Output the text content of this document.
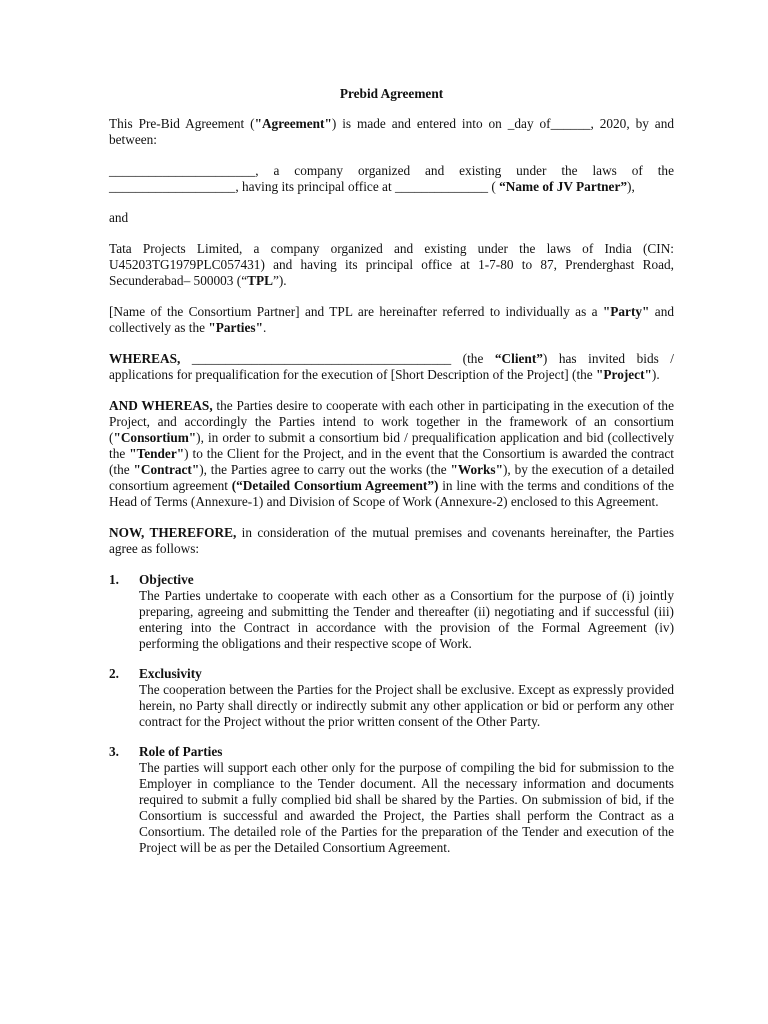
Prebid Agreement

This Pre-Bid Agreement ("Agreement") is made and entered into on _day of______, 2020, by and between:

______________________, a company organized and existing under the laws of the ___________________, having its principal office at ______________ ( “Name of JV Partner”),

and

Tata Projects Limited, a company organized and existing under the laws of India (CIN: U45203TG1979PLC057431) and having its principal office at 1-7-80 to 87, Prenderghast Road, Secunderabad– 500003 (“TPL”).

[Name of the Consortium Partner] and TPL are hereinafter referred to individually as a "Party" and collectively as the "Parties".

WHEREAS, _______________________________________ (the “Client”) has invited bids / applications for prequalification for the execution of [Short Description of the Project] (the "Project").

AND WHEREAS, the Parties desire to cooperate with each other in participating in the execution of the Project, and accordingly the Parties intend to work together in the framework of an consortium ("Consortium"), in order to submit a consortium bid / prequalification application and bid (collectively the "Tender") to the Client for the Project, and in the event that the Consortium is awarded the contract (the "Contract"), the Parties agree to carry out the works (the "Works"), by the execution of a detailed consortium agreement (“Detailed Consortium Agreement”) in line with the terms and conditions of the Head of Terms (Annexure-1) and Division of Scope of Work (Annexure-2) enclosed to this Agreement.

NOW, THEREFORE, in consideration of the mutual premises and covenants hereinafter, the Parties agree as follows:

1.	Objective
The Parties undertake to cooperate with each other as a Consortium for the purpose of (i) jointly preparing, agreeing and submitting the Tender and thereafter (ii) negotiating and if successful (iii) entering into the Contract in accordance with the provision of the Formal Agreement (iv) performing the obligations and their respective scope of Work.
2.	Exclusivity
The cooperation between the Parties for the Project shall be exclusive. Except as expressly provided herein, no Party shall directly or indirectly submit any other application or bid or perform any other contract for the Project without the prior written consent of the Other Party.
3.	Role of Parties
The parties will support each other only for the purpose of compiling the bid for submission to the Employer in compliance to the Tender document. All the necessary information and documents required to submit a fully complied bid shall be shared by the Parties. On submission of bid, if the Consortium is successful and awarded the Project, the Parties shall perform the Contract as a Consortium. The detailed role of the Parties for the preparation of the Tender and execution of the Project will be as per the Detailed Consortium Agreement.
